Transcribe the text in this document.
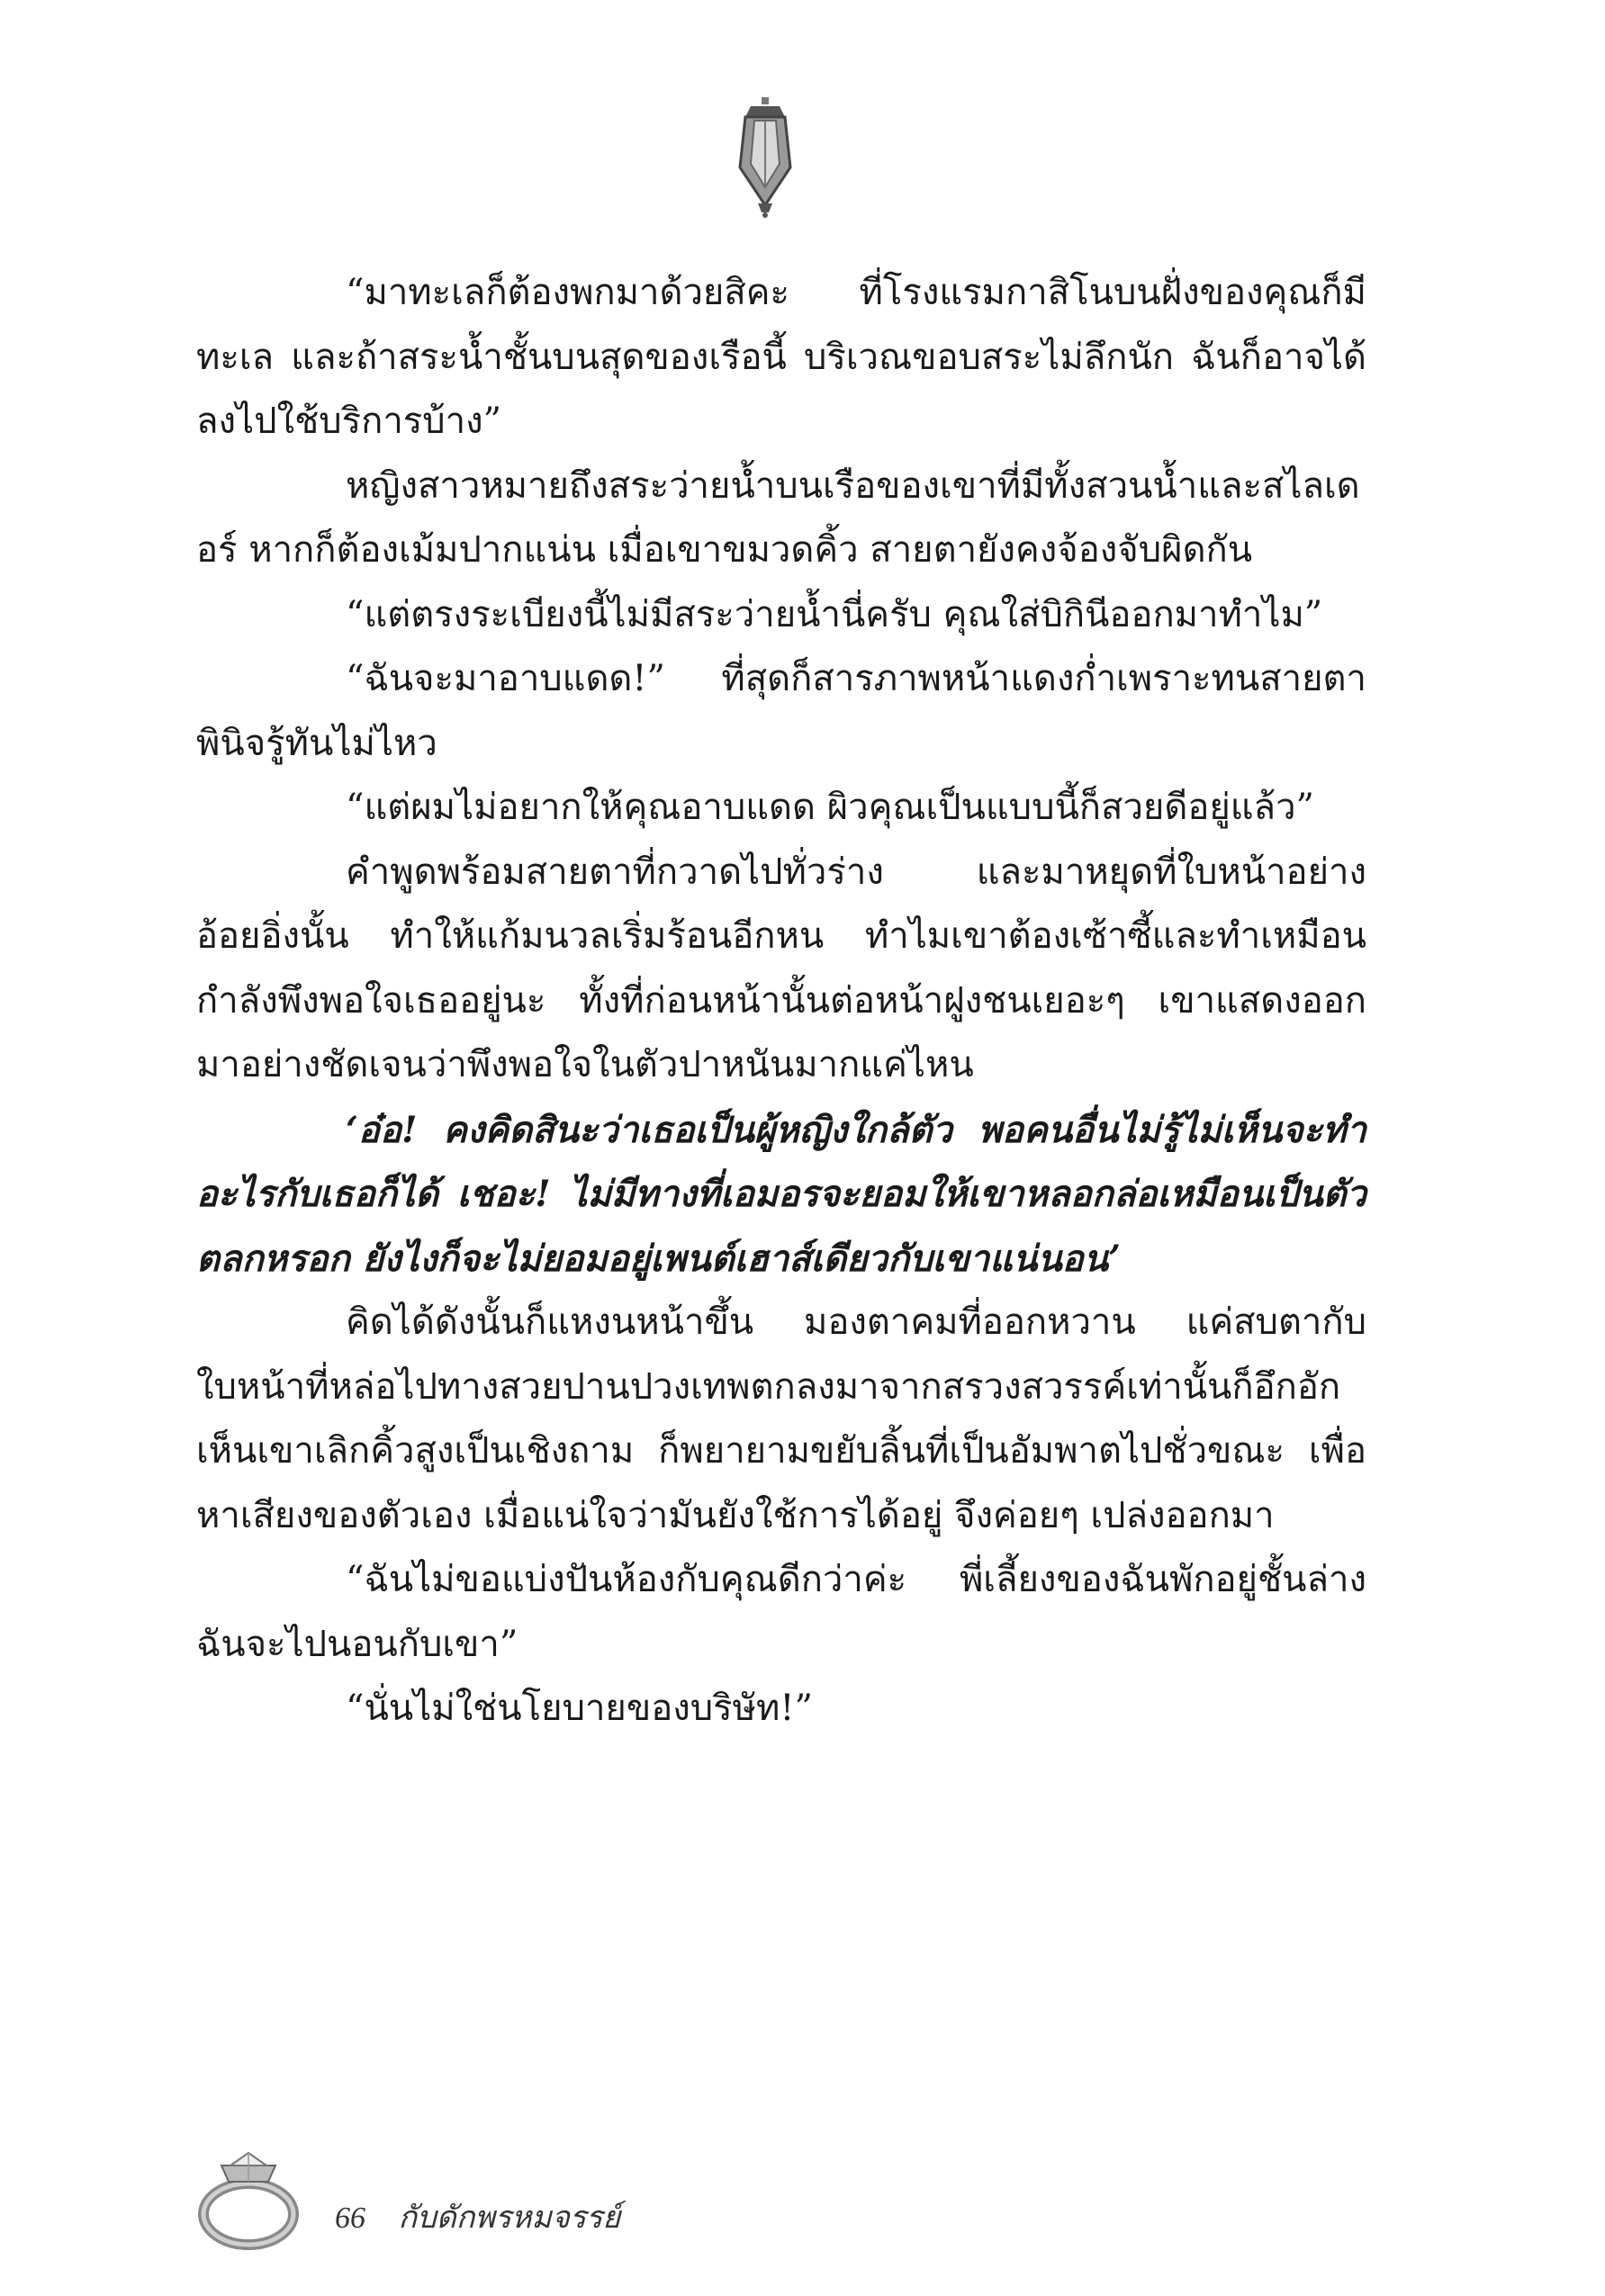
“มาทะเลก็ต้องพกมาด้วยสิคะ ที่โรงแรมกาสิโนบนฝั่งของคุณก็มีทะเล และถ้าสระน้ำชั้นบนสุดของเรือนี้ บริเวณขอบสระไม่ลึกนัก ฉันก็อาจได้ลงไปใช้บริการบ้าง”

หญิงสาวหมายถึงสระว่ายน้ำบนเรือของเขาที่มีทั้งสวนน้ำและสไลเดอร์ หากก็ต้องเม้มปากแน่น เมื่อเขาขมวดคิ้ว สายตายังคงจ้องจับผิดกัน

“แต่ตรงระเบียงนี้ไม่มีสระว่ายน้ำนี่ครับ คุณใส่บิกินีออกมาทำไม”

“ฉันจะมาอาบแดด!” ที่สุดก็สารภาพหน้าแดงก่ำเพราะทนสายตาพินิจรู้ทันไม่ไหว

“แต่ผมไม่อยากให้คุณอาบแดด ผิวคุณเป็นแบบนี้ก็สวยดีอยู่แล้ว”

คำพูดพร้อมสายตาที่กวาดไปทั่วร่าง และมาหยุดที่ใบหน้าอย่างอ้อยอิ่งนั้น ทำให้แก้มนวลเริ่มร้อนอีกหน ทำไมเขาต้องเซ้าซี้และทำเหมือนกำลังพึงพอใจเธออยู่นะ ทั้งที่ก่อนหน้านั้นต่อหน้าฝูงชนเยอะๆ เขาแสดงออกมาอย่างชัดเจนว่าพึงพอใจในตัวปาหนันมากแค่ไหน

‘อ๋อ! คงคิดสินะว่าเธอเป็นผู้หญิงใกล้ตัว พอคนอื่นไม่รู้ไม่เห็นจะทำอะไรกับเธอก็ได้ เชอะ! ไม่มีทางที่เอมอรจะยอมให้เขาหลอกล่อเหมือนเป็นตัวตลกหรอก ยังไงก็จะไม่ยอมอยู่เพนต์เฮาส์เดียวกับเขาแน่นอน’

คิดได้ดังนั้นก็แหงนหน้าขึ้น มองตาคมที่ออกหวาน แค่สบตากับใบหน้าที่หล่อไปทางสวยปานปวงเทพตกลงมาจากสรวงสวรรค์เท่านั้นก็อึกอัก เห็นเขาเลิกคิ้วสูงเป็นเชิงถาม ก็พยายามขยับลิ้นที่เป็นอัมพาตไปชั่วขณะ เพื่อหาเสียงของตัวเอง เมื่อแน่ใจว่ามันยังใช้การได้อยู่ จึงค่อยๆ เปล่งออกมา

“ฉันไม่ขอแบ่งปันห้องกับคุณดีกว่าค่ะ พี่เลี้ยงของฉันพักอยู่ชั้นล่าง ฉันจะไปนอนกับเขา”

“นั่นไม่ใช่นโยบายของบริษัท!”

66 กับดักพรหมจรรย์
